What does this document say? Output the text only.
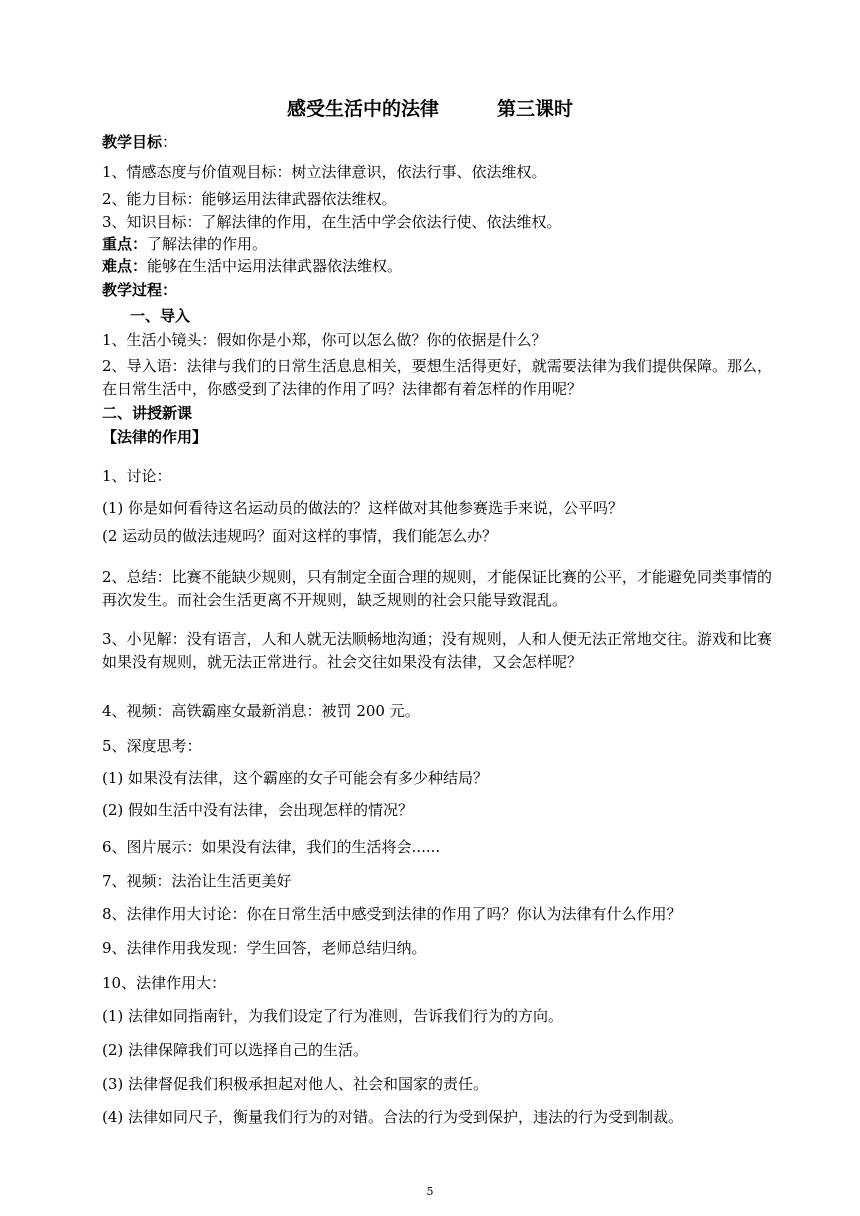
感受生活中的法律	第三课时
教学目标：
1、情感态度与价值观目标：树立法律意识，依法行事、依法维权。
2、能力目标：能够运用法律武器依法维权。
3、知识目标：了解法律的作用，在生活中学会依法行使、依法维权。
重点：了解法律的作用。
难点：能够在生活中运用法律武器依法维权。
教学过程：
一、导入
1、生活小镜头：假如你是小郑，你可以怎么做？你的依据是什么？
2、导入语：法律与我们的日常生活息息相关，要想生活得更好，就需要法律为我们提供保障。那么，在日常生活中，你感受到了法律的作用了吗？法律都有着怎样的作用呢？
二、讲授新课
【法律的作用】
1、讨论：
(1) 你是如何看待这名运动员的做法的？这样做对其他参赛选手来说，公平吗？
(2 运动员的做法违规吗？面对这样的事情，我们能怎么办？
2、总结：比赛不能缺少规则，只有制定全面合理的规则，才能保证比赛的公平，才能避免同类事情的再次发生。而社会生活更离不开规则，缺乏规则的社会只能导致混乱。
3、小见解：没有语言，人和人就无法顺畅地沟通；没有规则，人和人便无法正常地交往。游戏和比赛如果没有规则，就无法正常进行。社会交往如果没有法律，又会怎样呢？
4、视频：高铁霸座女最新消息：被罚 200 元。
5、深度思考：
(1) 如果没有法律，这个霸座的女子可能会有多少种结局？
(2) 假如生活中没有法律，会出现怎样的情况？
6、图片展示：如果没有法律，我们的生活将会......
7、视频：法治让生活更美好
8、法律作用大讨论：你在日常生活中感受到法律的作用了吗？你认为法律有什么作用？
9、法律作用我发现：学生回答，老师总结归纳。
10、法律作用大：
(1) 法律如同指南针，为我们设定了行为准则，告诉我们行为的方向。
(2) 法律保障我们可以选择自己的生活。
(3) 法律督促我们积极承担起对他人、社会和国家的责任。
(4) 法律如同尺子，衡量我们行为的对错。合法的行为受到保护，违法的行为受到制裁。
5
